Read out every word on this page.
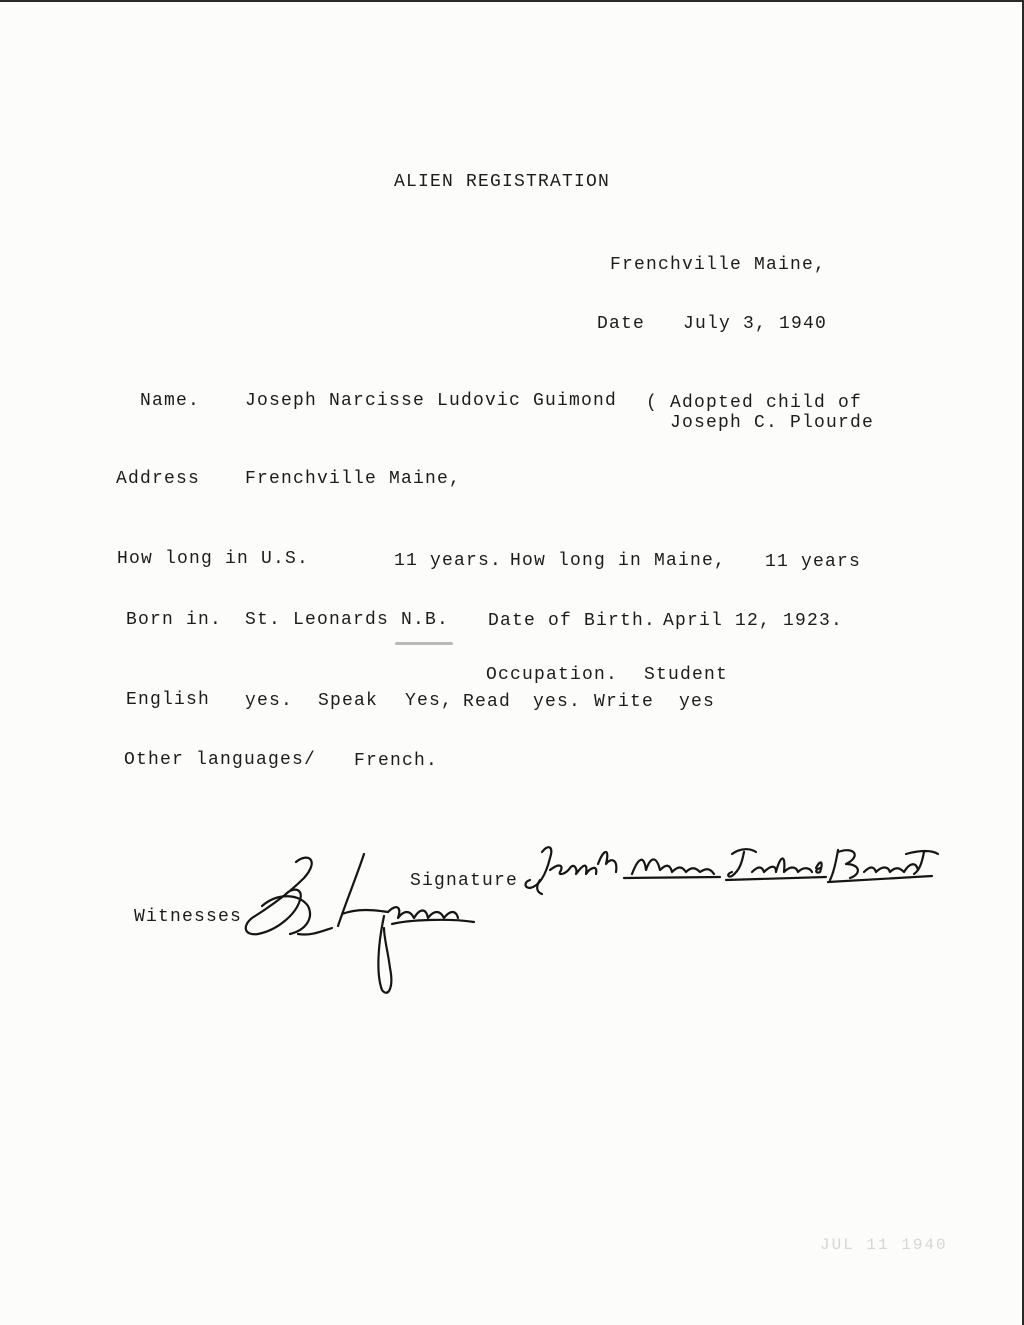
ALIEN REGISTRATION
Frenchville Maine,
Date July 3, 1940
Name. Joseph Narcisse Ludovic Guimond ( Adopted child of
Joseph C. Plourde
Address Frenchville Maine,
How long in U.S.	11 years. How long in Maine, 11 years
Born in. St. Leonards N.B. Date of Birth. April 12, 1923.
Occupation. Student
English yes. Speak Yes, Read yes. Write yes
Other languages/ French.
Signature
Witnesses
JUL 11 1940
